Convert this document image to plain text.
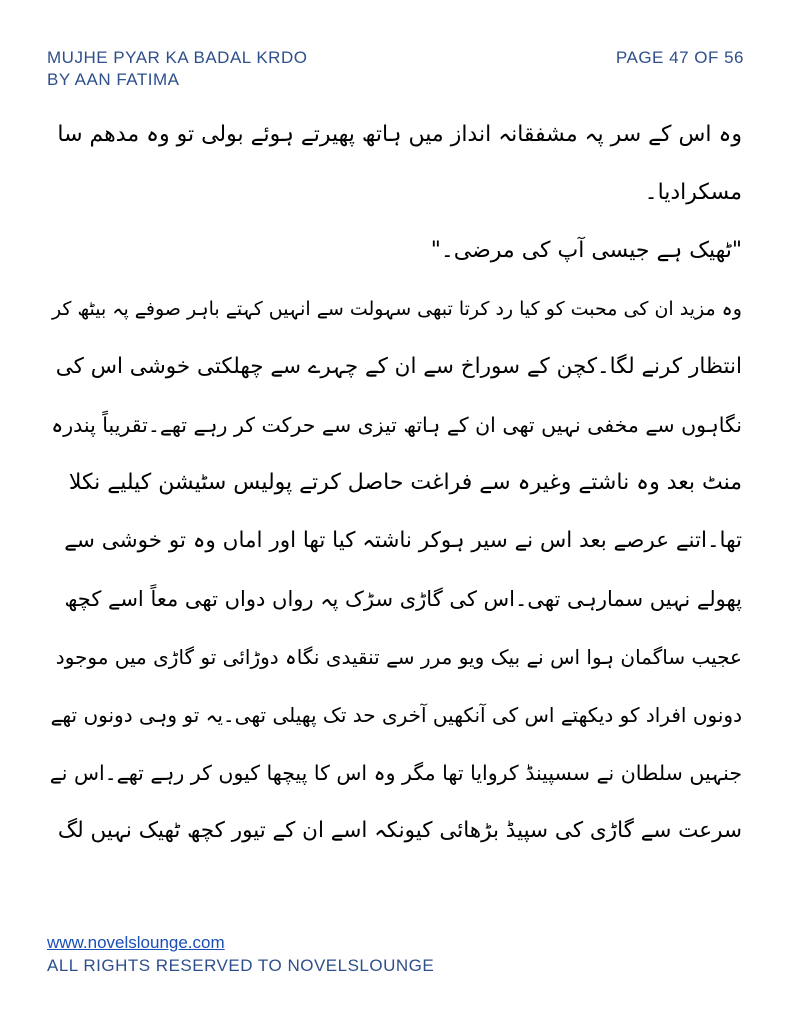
MUJHE PYAR KA BADAL KRDO
BY AAN FATIMA
PAGE 47 OF 56
وہ اس کے سر پہ مشفقانہ انداز میں ہاتھ پھیرتے ہوئے بولی تو وہ مدھم سا
مسکرادیا۔
"ٹھیک ہے جیسی آپ کی مرضی۔"
وہ مزید ان کی محبت کو کیا رد کرتا تبھی سہولت سے انہیں کہتے باہر صوفے پہ بیٹھ کر
انتظار کرنے لگا۔کچن کے سوراخ سے ان کے چہرے سے چھلکتی خوشی اس کی
نگاہوں سے مخفی نہیں تھی ان کے ہاتھ تیزی سے حرکت کر رہے تھے۔تقریباً پندرہ
منٹ بعد وہ ناشتے وغیرہ سے فراغت حاصل کرتے پولیس سٹیشن کیلیے نکلا
تھا۔اتنے عرصے بعد اس نے سیر ہوکر ناشتہ کیا تھا اور اماں وہ تو خوشی سے
پھولے نہیں سمارہی تھی۔اس کی گاڑی سڑک پہ رواں دواں تھی معاً اسے کچھ
عجیب ساگمان ہوا اس نے بیک ویو مرر سے تنقیدی نگاہ دوڑائی تو گاڑی میں موجود
دونوں افراد کو دیکھتے اس کی آنکھیں آخری حد تک پھیلی تھی۔یہ تو وہی دونوں تھے
جنہیں سلطان نے سسپینڈ کروایا تھا مگر وہ اس کا پیچھا کیوں کر رہے تھے۔اس نے
سرعت سے گاڑی کی سپیڈ بڑھائی کیونکہ اسے ان کے تیور کچھ ٹھیک نہیں لگ
www.novelslounge.com
ALL RIGHTS RESERVED TO NOVELSLOUNGE
